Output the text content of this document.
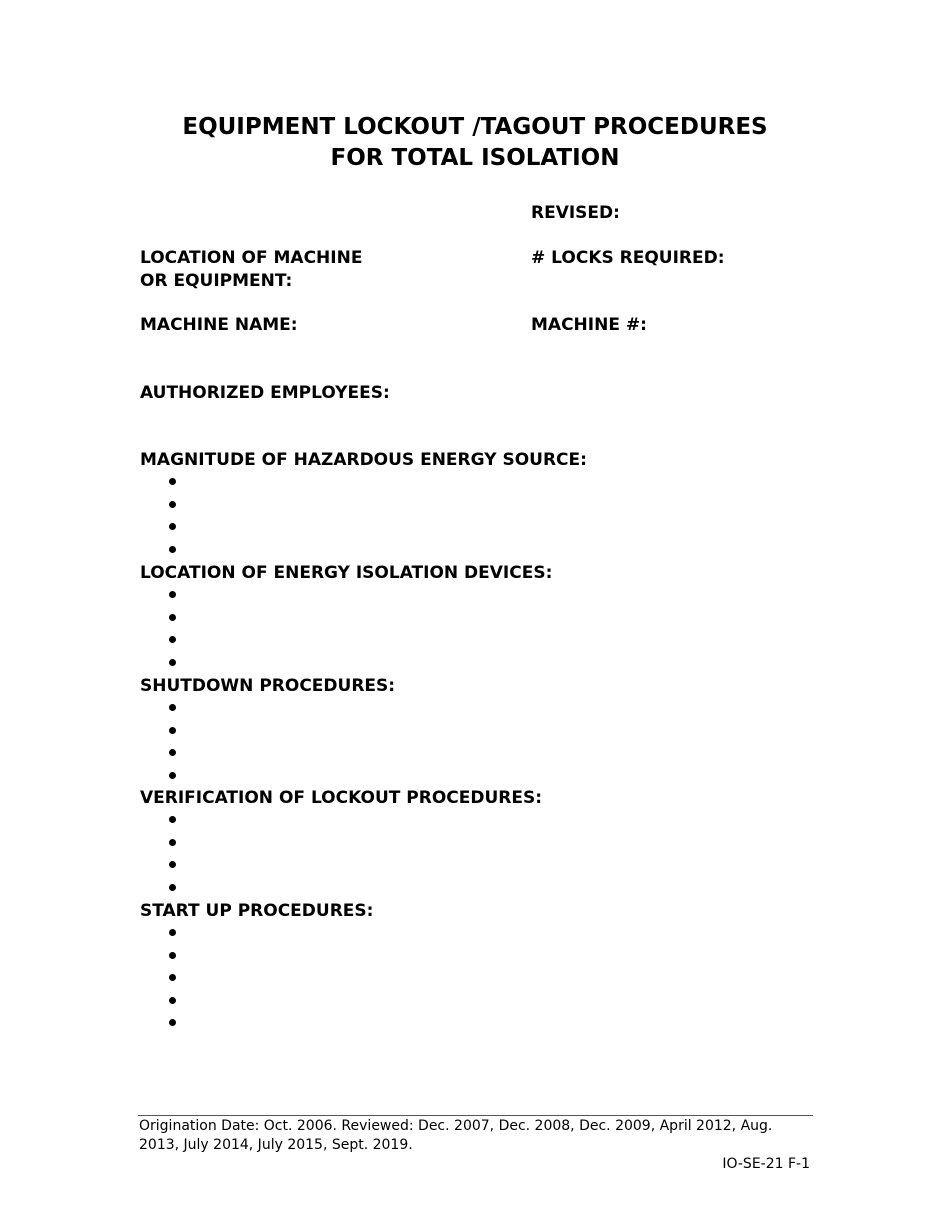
EQUIPMENT LOCKOUT /TAGOUT PROCEDURES
FOR TOTAL ISOLATION
REVISED:
LOCATION OF MACHINE
OR EQUIPMENT:
# LOCKS REQUIRED:
MACHINE NAME:	MACHINE #:
AUTHORIZED EMPLOYEES:
MAGNITUDE OF HAZARDOUS ENERGY SOURCE:
LOCATION OF ENERGY ISOLATION DEVICES:
SHUTDOWN PROCEDURES:
VERIFICATION OF LOCKOUT PROCEDURES:
START UP PROCEDURES:
Origination Date: Oct. 2006. Reviewed: Dec. 2007, Dec. 2008, Dec. 2009, April 2012, Aug. 2013, July 2014, July 2015, Sept. 2019.
IO-SE-21 F-1
